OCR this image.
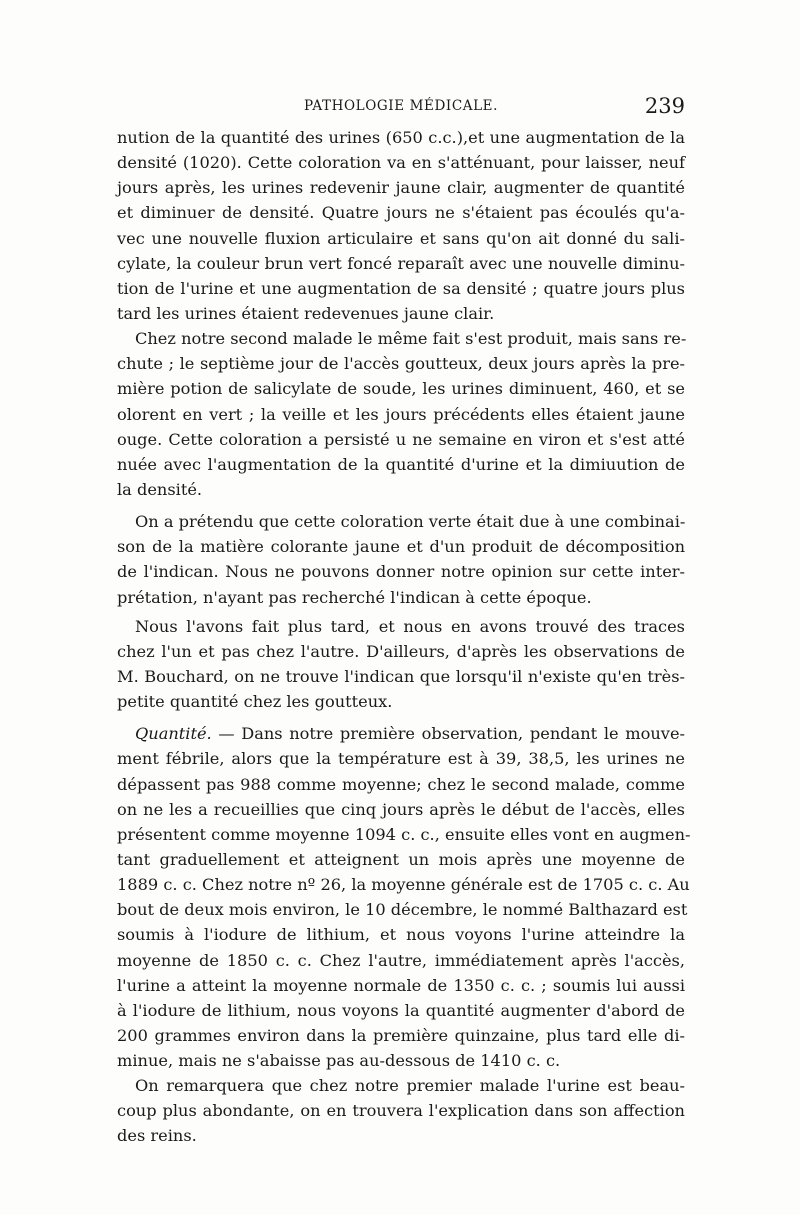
PATHOLOGIE MÉDICALE.	239
nution de la quantité des urines (650 c.c.),et une augmentation de la
densité (1020). Cette coloration va en s'atténuant, pour laisser, neuf
jours après, les urines redevenir jaune clair, augmenter de quantité
et diminuer de densité. Quatre jours ne s'étaient pas écoulés qu'a-
vec une nouvelle fluxion articulaire et sans qu'on ait donné du sali-
cylate, la couleur brun vert foncé reparaît avec une nouvelle diminu-
tion de l'urine et une augmentation de sa densité ; quatre jours plus
tard les urines étaient redevenues jaune clair.
Chez notre second malade le même fait s'est produit, mais sans re-
chute ; le septième jour de l'accès goutteux, deux jours après la pre-
mière potion de salicylate de soude, les urines diminuent, 460, et se
olorent en vert ; la veille et les jours précédents elles étaient jaune
ouge. Cette coloration a persisté u ne semaine en viron et s'est atté
nuée avec l'augmentation de la quantité d'urine et la dimiuution de
la densité.
On a prétendu que cette coloration verte était due à une combinai-
son de la matière colorante jaune et d'un produit de décomposition
de l'indican. Nous ne pouvons donner notre opinion sur cette inter-
prétation, n'ayant pas recherché l'indican à cette époque.
Nous l'avons fait plus tard, et nous en avons trouvé des traces
chez l'un et pas chez l'autre. D'ailleurs, d'après les observations de
M. Bouchard, on ne trouve l'indican que lorsqu'il n'existe qu'en très-
petite quantité chez les goutteux.
Quantité. — Dans notre première observation, pendant le mouve-
ment fébrile, alors que la température est à 39, 38,5, les urines ne
dépassent pas 988 comme moyenne; chez le second malade, comme
on ne les a recueillies que cinq jours après le début de l'accès, elles
présentent comme moyenne 1094 c. c., ensuite elles vont en augmen-
tant graduellement et atteignent un mois après une moyenne de
1889 c. c. Chez notre nº 26, la moyenne générale est de 1705 c. c. Au
bout de deux mois environ, le 10 décembre, le nommé Balthazard est
soumis à l'iodure de lithium, et nous voyons l'urine atteindre la
moyenne de 1850 c. c. Chez l'autre, immédiatement après l'accès,
l'urine a atteint la moyenne normale de 1350 c. c. ; soumis lui aussi
à l'iodure de lithium, nous voyons la quantité augmenter d'abord de
200 grammes environ dans la première quinzaine, plus tard elle di-
minue, mais ne s'abaisse pas au-dessous de 1410 c. c.
On remarquera que chez notre premier malade l'urine est beau-
coup plus abondante, on en trouvera l'explication dans son affection
des reins.
